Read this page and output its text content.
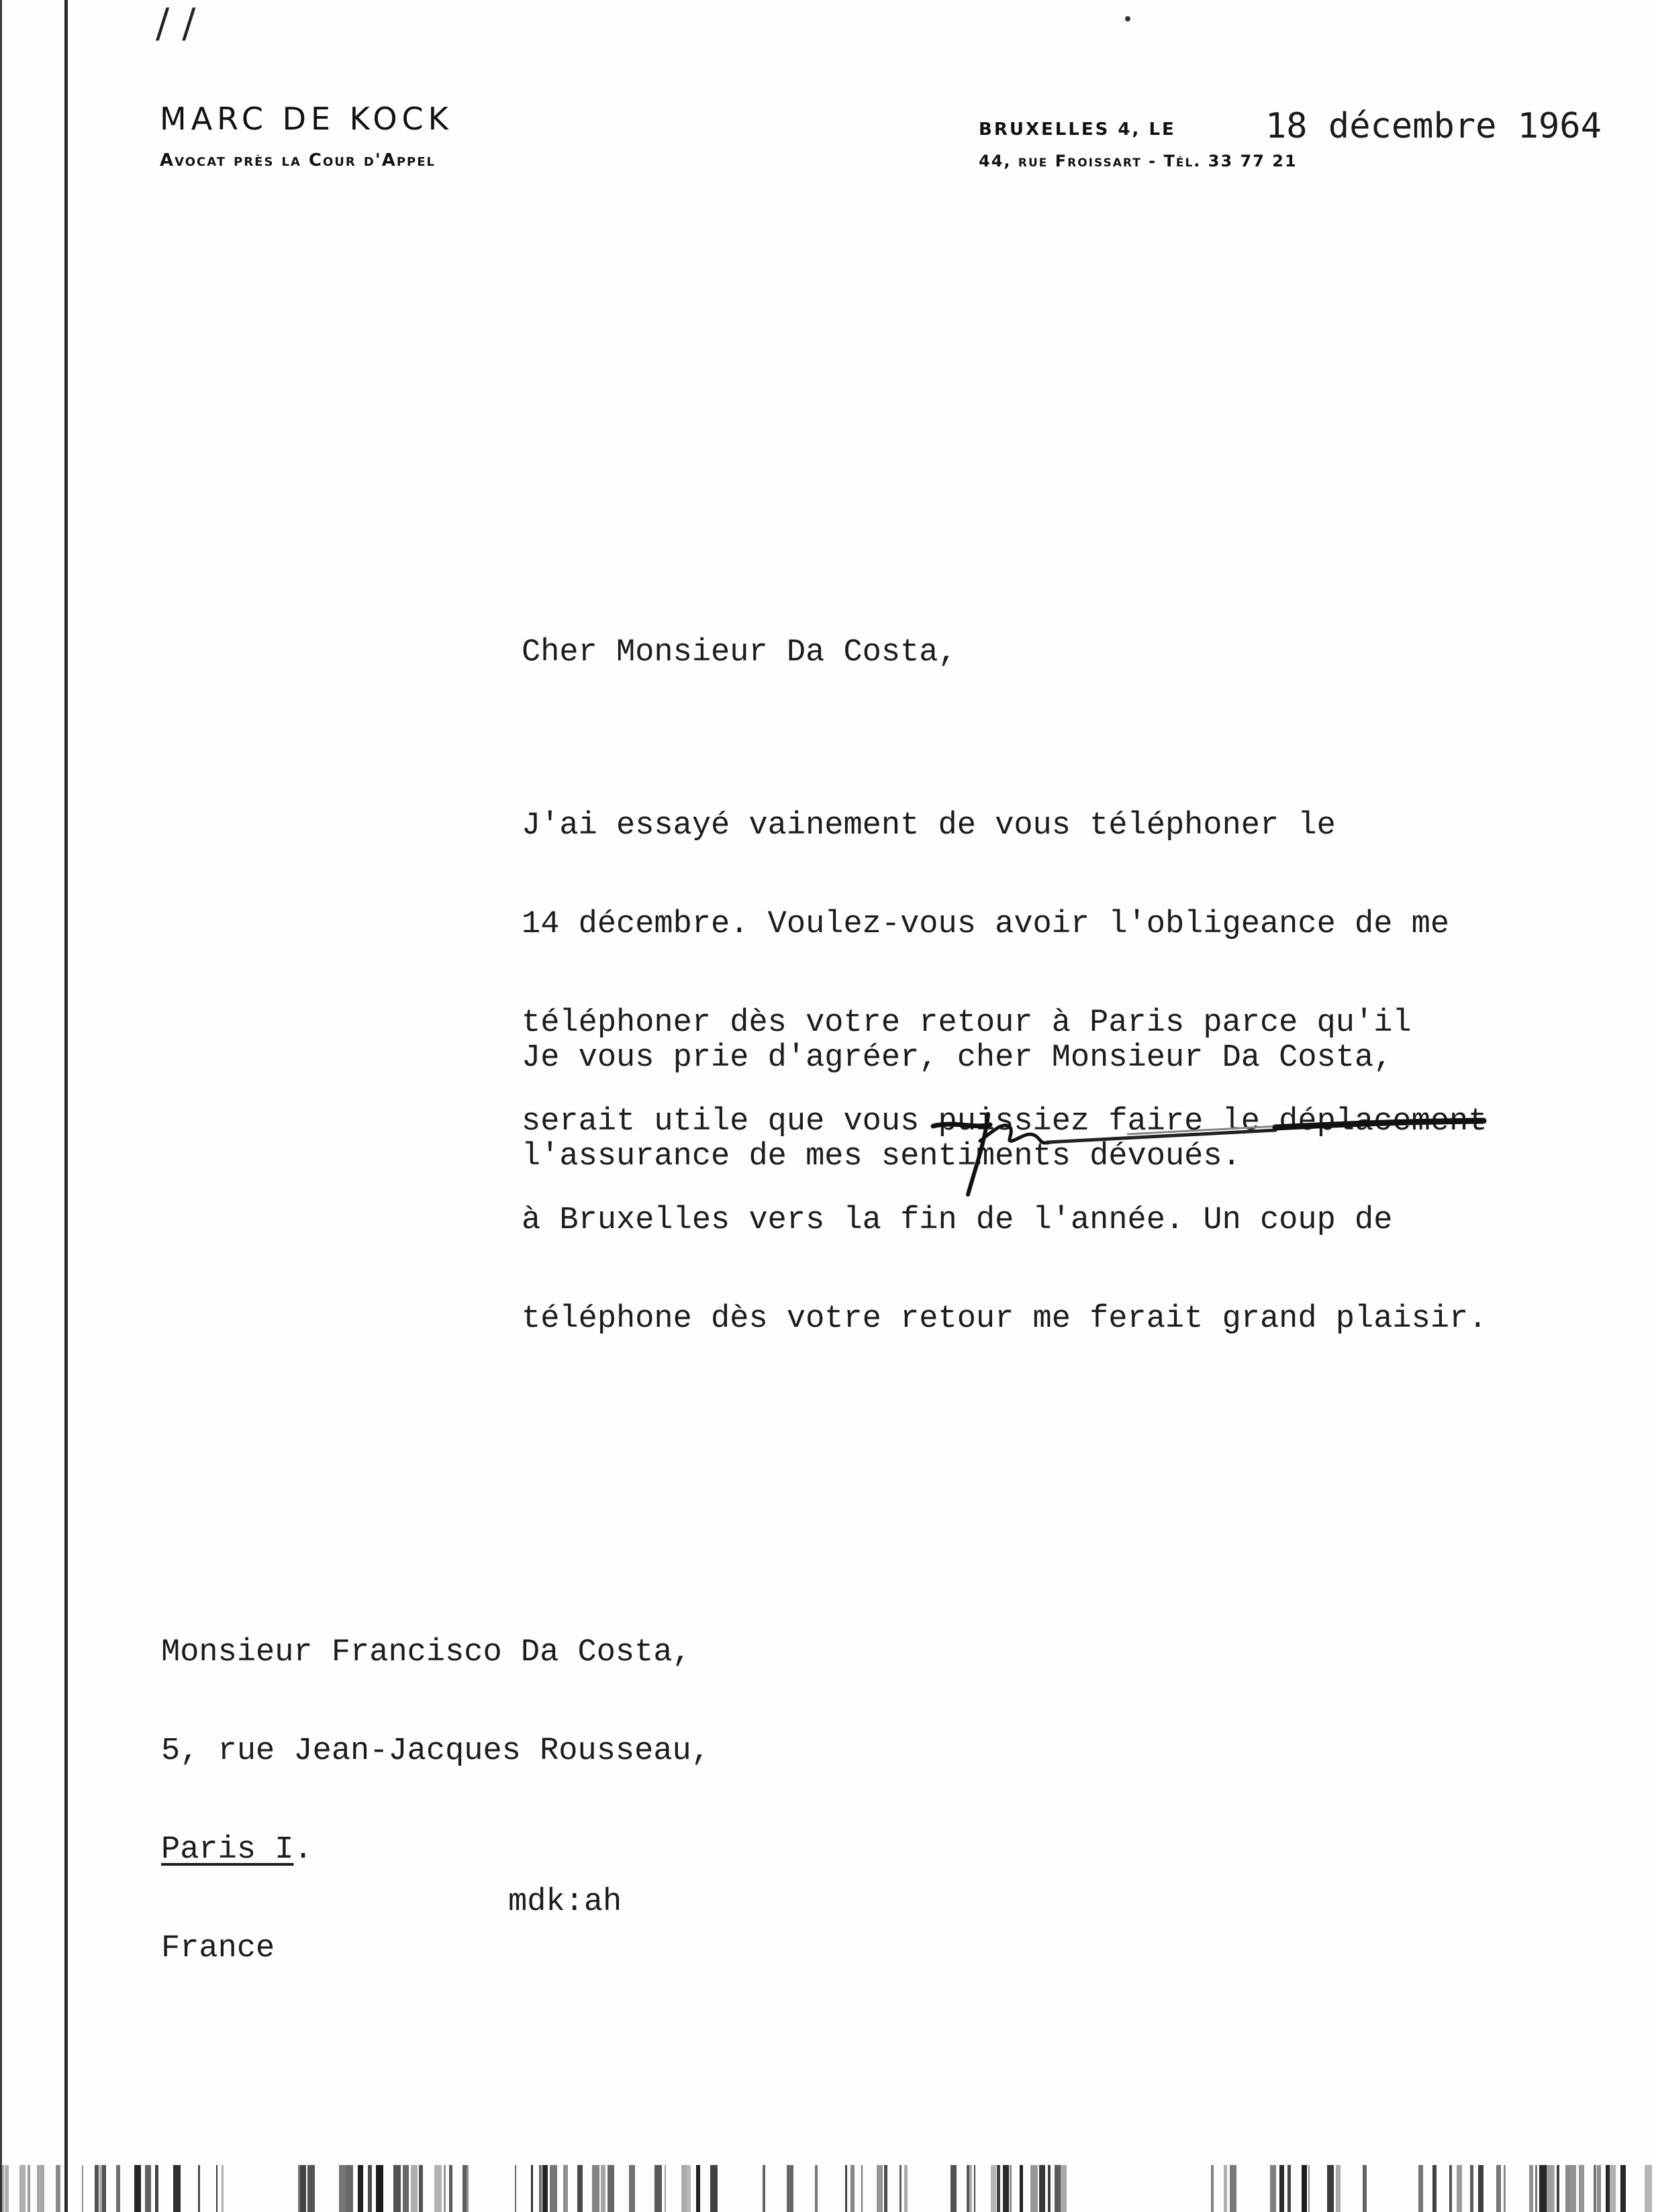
/ /
MARC DE KOCK
Avocat près la Cour d'Appel
BRUXELLES 4, LE
44, rue Froissart - Tél. 33 77 21
18 décembre 1964
Cher Monsieur Da Costa,

J'ai essayé vainement de vous téléphoner le

14 décembre. Voulez-vous avoir l'obligeance de me

téléphoner dès votre retour à Paris parce qu'il

serait utile que vous puissiez faire le déplacement

à Bruxelles vers la fin de l'année. Un coup de

téléphone dès votre retour me ferait grand plaisir.

Je vous prie d'agréer, cher Monsieur Da Costa,

l'assurance de mes sentiments dévoués.

Monsieur Francisco Da Costa,

5, rue Jean-Jacques Rousseau,

Paris I.

France

mdk:ah
